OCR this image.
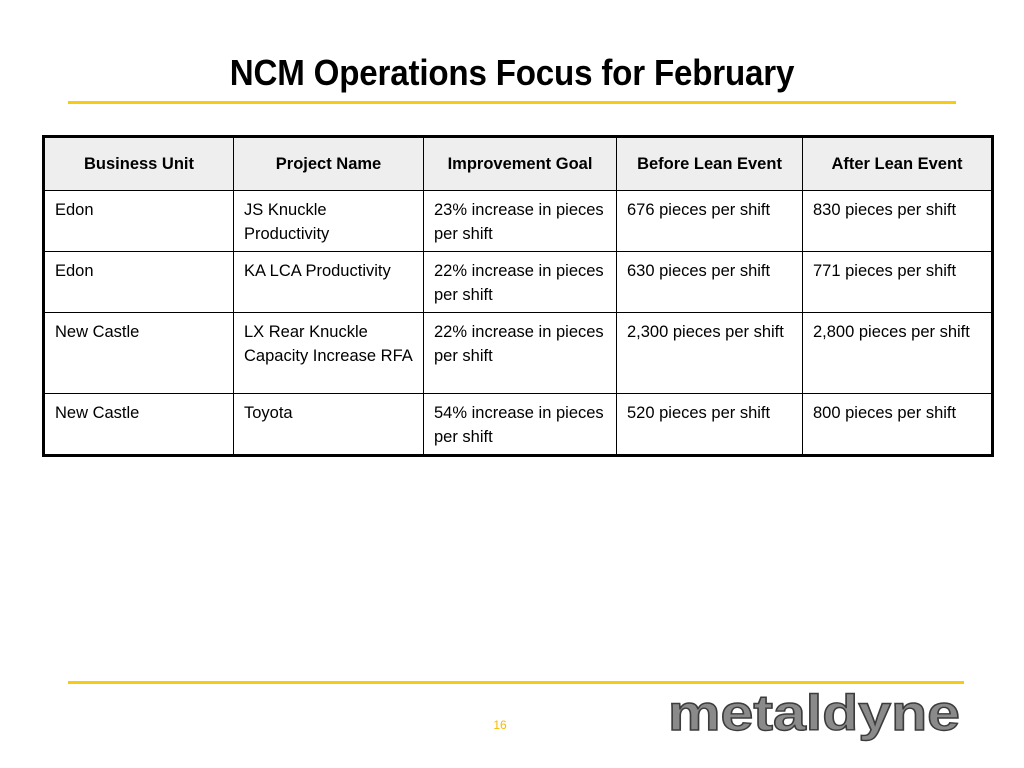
NCM Operations Focus for February
Business Unit	Project Name	Improvement Goal	Before Lean Event	After Lean Event
Edon	JS Knuckle Productivity	23% increase in pieces per shift	676 pieces per shift	830 pieces per shift
Edon	KA LCA Productivity	22% increase in pieces per shift	630 pieces per shift	771 pieces per shift
New Castle	LX Rear Knuckle Capacity Increase RFA	22% increase in pieces per shift	2,300 pieces per shift	2,800 pieces per shift
New Castle	Toyota	54% increase in pieces per shift	520 pieces per shift	800 pieces per shift
16	metaldyne
